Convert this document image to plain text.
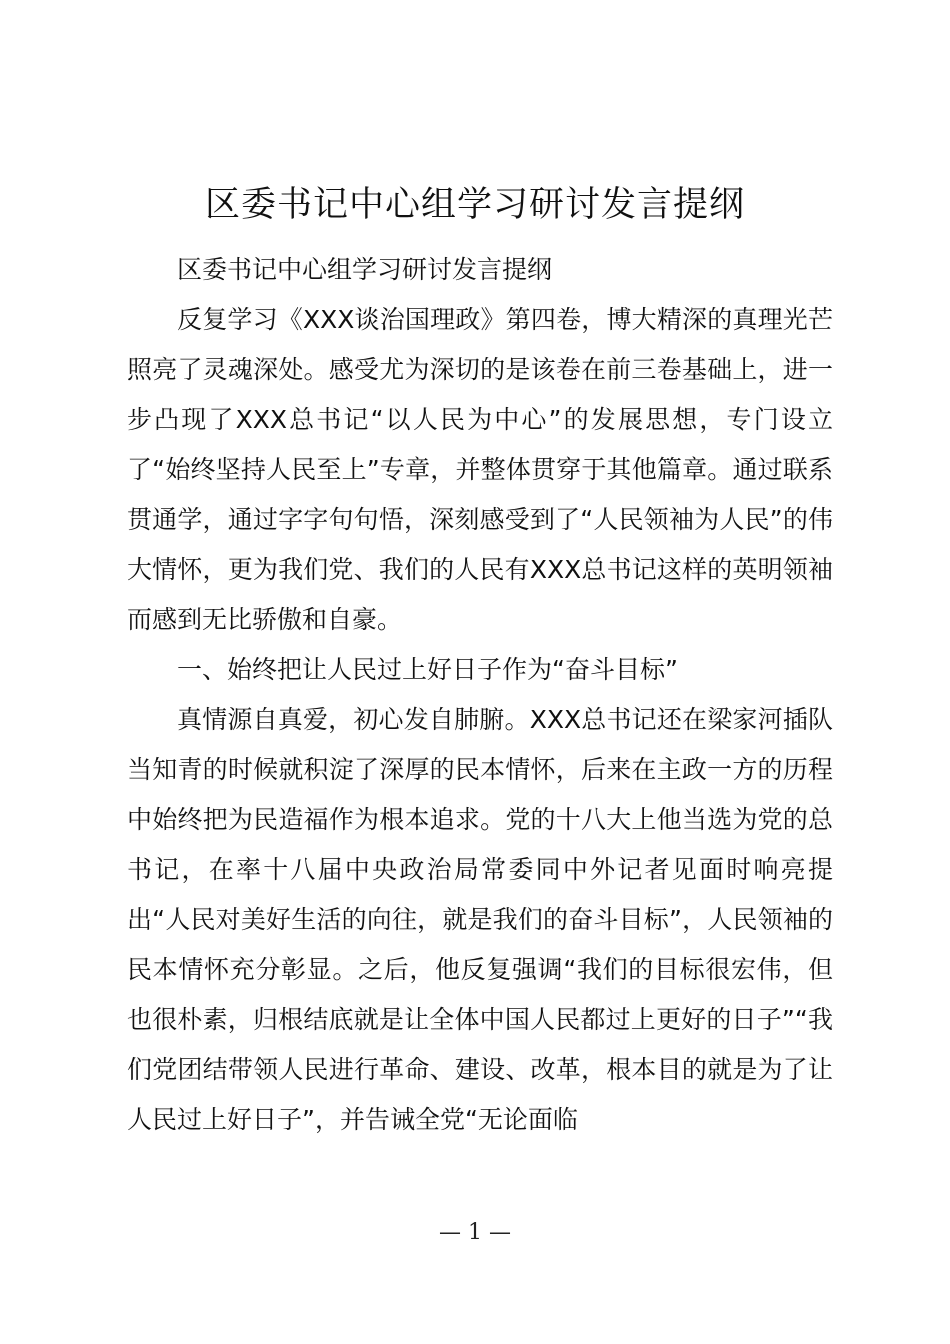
区委书记中心组学习研讨发言提纲

区委书记中心组学习研讨发言提纲

反复学习《XXX谈治国理政》第四卷，博大精深的真理光芒照亮了灵魂深处。感受尤为深切的是该卷在前三卷基础上，进一步凸现了XXX总书记“以人民为中心”的发展思想，专门设立了“始终坚持人民至上”专章，并整体贯穿于其他篇章。通过联系贯通学，通过字字句句悟，深刻感受到了“人民领袖为人民”的伟大情怀，更为我们党、我们的人民有XXX总书记这样的英明领袖而感到无比骄傲和自豪。

一、始终把让人民过上好日子作为“奋斗目标”

真情源自真爱，初心发自肺腑。XXX总书记还在梁家河插队当知青的时候就积淀了深厚的民本情怀，后来在主政一方的历程中始终把为民造福作为根本追求。党的十八大上他当选为党的总书记，在率十八届中央政治局常委同中外记者见面时响亮提出“人民对美好生活的向往，就是我们的奋斗目标”，人民领袖的民本情怀充分彰显。之后，他反复强调“我们的目标很宏伟，但也很朴素，归根结底就是让全体中国人民都过上更好的日子”“我们党团结带领人民进行革命、建设、改革，根本目的就是为了让人民过上好日子”，并告诫全党“无论面临

— 1 —
